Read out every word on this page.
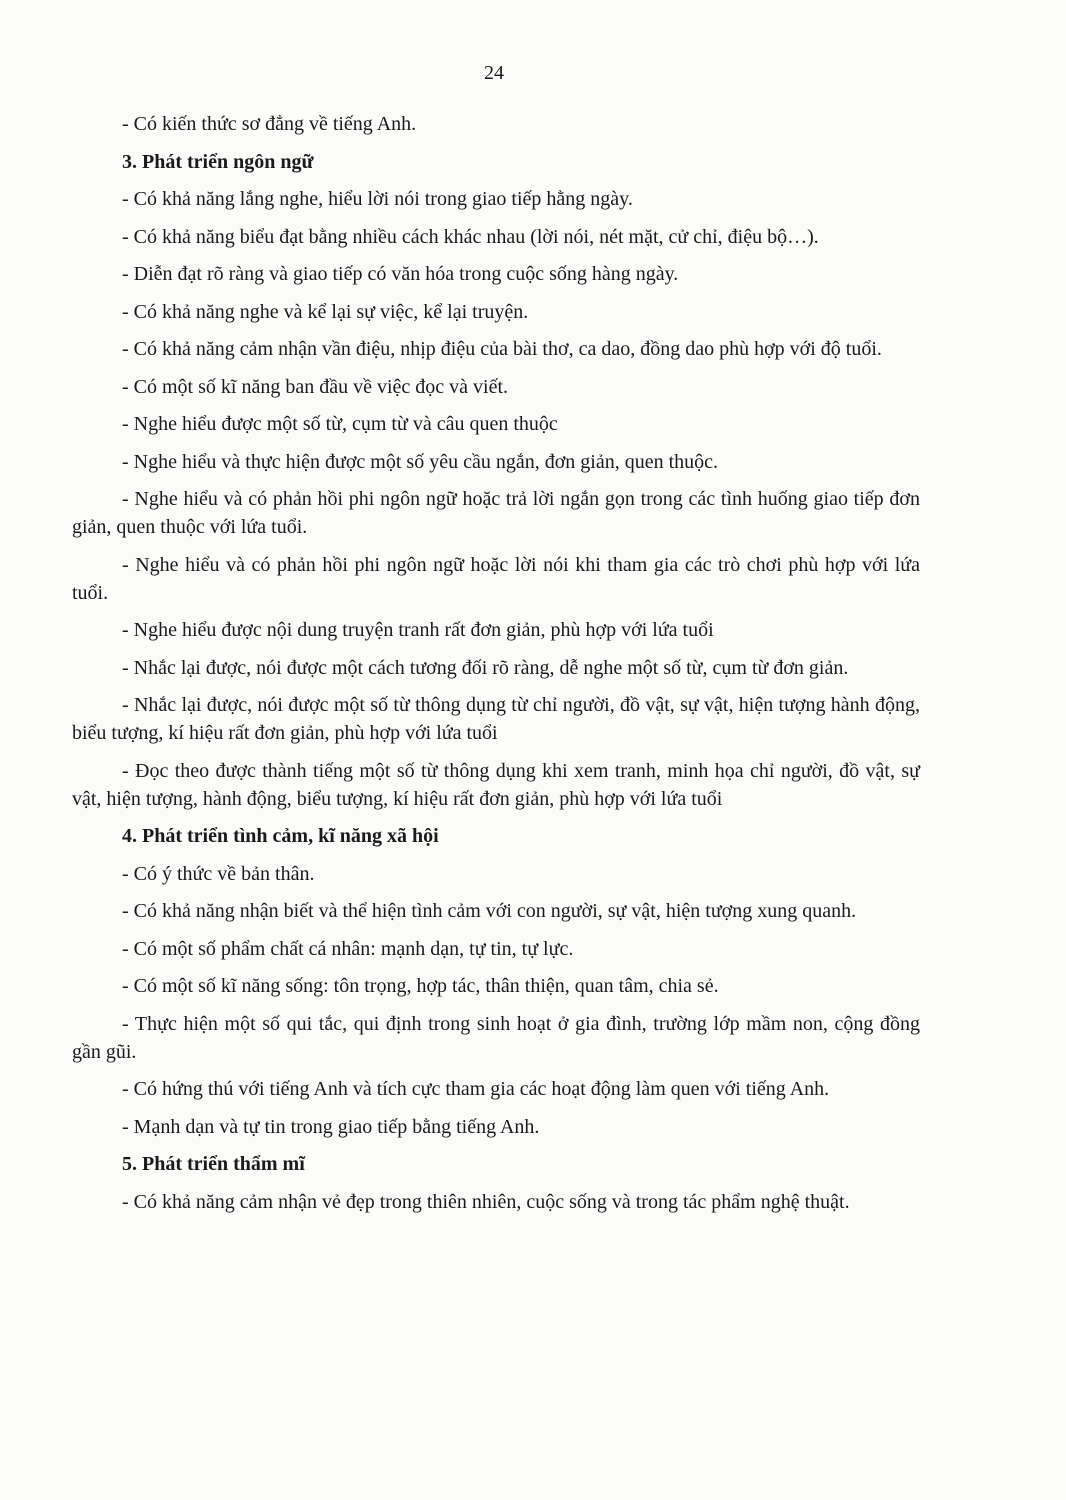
24

- Có kiến thức sơ đẳng về tiếng Anh.

3. Phát triển ngôn ngữ

- Có khả năng lắng nghe, hiểu lời nói trong giao tiếp hằng ngày.

- Có khả năng biểu đạt bằng nhiều cách khác nhau (lời nói, nét mặt, cử chỉ, điệu bộ…).

- Diễn đạt rõ ràng và giao tiếp có văn hóa trong cuộc sống hàng ngày.

- Có khả năng nghe và kể lại sự việc, kể lại truyện.

- Có khả năng cảm nhận vần điệu, nhịp điệu của bài thơ, ca dao, đồng dao phù hợp với độ tuổi.

- Có một số kĩ năng ban đầu về việc đọc và viết.

- Nghe hiểu được một số từ, cụm từ và câu quen thuộc

- Nghe hiểu và thực hiện được một số yêu cầu ngắn, đơn giản, quen thuộc.

- Nghe hiểu và có phản hồi phi ngôn ngữ hoặc trả lời ngắn gọn trong các tình huống giao tiếp đơn giản, quen thuộc với lứa tuổi.

- Nghe hiểu và có phản hồi phi ngôn ngữ hoặc lời nói khi tham gia các trò chơi phù hợp với lứa tuổi.

- Nghe hiểu được nội dung truyện tranh rất đơn giản, phù hợp với lứa tuổi

- Nhắc lại được, nói được một cách tương đối rõ ràng, dễ nghe một số từ, cụm từ đơn giản.

- Nhắc lại được, nói được một số từ thông dụng từ chỉ người, đồ vật, sự vật, hiện tượng hành động, biểu tượng, kí hiệu rất đơn giản, phù hợp với lứa tuổi

- Đọc theo được thành tiếng một số từ thông dụng khi xem tranh, minh họa chỉ người, đồ vật, sự vật, hiện tượng, hành động, biểu tượng, kí hiệu rất đơn giản, phù hợp với lứa tuổi

4. Phát triển tình cảm, kĩ năng xã hội

- Có ý thức về bản thân.

- Có khả năng nhận biết và thể hiện tình cảm với con người, sự vật, hiện tượng xung quanh.

- Có một số phẩm chất cá nhân: mạnh dạn, tự tin, tự lực.

- Có một số kĩ năng sống: tôn trọng, hợp tác, thân thiện, quan tâm, chia sẻ.

- Thực hiện một số qui tắc, qui định trong sinh hoạt ở gia đình, trường lớp mầm non, cộng đồng gần gũi.

- Có hứng thú với tiếng Anh và tích cực tham gia các hoạt động làm quen với tiếng Anh.

- Mạnh dạn và tự tin trong giao tiếp bằng tiếng Anh.

5. Phát triển thẩm mĩ

- Có khả năng cảm nhận vẻ đẹp trong thiên nhiên, cuộc sống và trong tác phẩm nghệ thuật.
